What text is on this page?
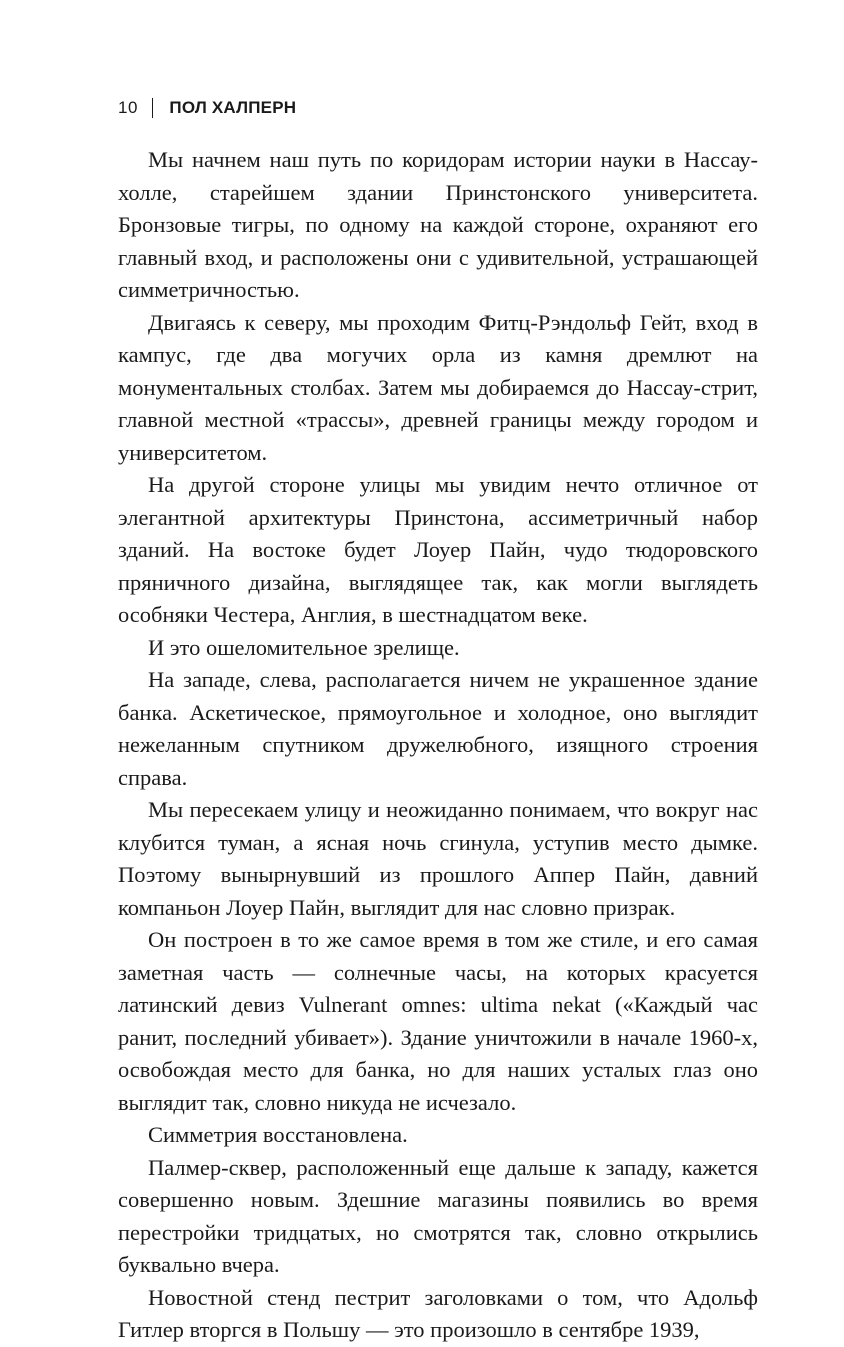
10 ПОЛ ХАЛПЕРН

Мы начнем наш путь по коридорам истории науки в Нассау-холле, старейшем здании Принстонского университета. Бронзовые тигры, по одному на каждой стороне, охраняют его главный вход, и расположены они с удивительной, устрашающей симметричностью.

Двигаясь к северу, мы проходим Фитц-Рэндольф Гейт, вход в кампус, где два могучих орла из камня дремлют на монументальных столбах. Затем мы добираемся до Нассау-стрит, главной местной «трассы», древней границы между городом и университетом.

На другой стороне улицы мы увидим нечто отличное от элегантной архитектуры Принстона, ассиметричный набор зданий. На востоке будет Лоуер Пайн, чудо тюдоровского пряничного дизайна, выглядящее так, как могли выглядеть особняки Честера, Англия, в шестнадцатом веке.

И это ошеломительное зрелище.

На западе, слева, располагается ничем не украшенное здание банка. Аскетическое, прямоугольное и холодное, оно выглядит нежеланным спутником дружелюбного, изящного строения справа.

Мы пересекаем улицу и неожиданно понимаем, что вокруг нас клубится туман, а ясная ночь сгинула, уступив место дымке. Поэтому вынырнувший из прошлого Аппер Пайн, давний компаньон Лоуер Пайн, выглядит для нас словно призрак.

Он построен в то же самое время в том же стиле, и его самая заметная часть — солнечные часы, на которых красуется латинский девиз Vulnerant omnes: ultima nekat («Каждый час ранит, последний убивает»). Здание уничтожили в начале 1960-х, освобождая место для банка, но для наших усталых глаз оно выглядит так, словно никуда не исчезало.

Симметрия восстановлена.

Палмер-сквер, расположенный еще дальше к западу, кажется совершенно новым. Здешние магазины появились во время перестройки тридцатых, но смотрятся так, словно открылись буквально вчера.

Новостной стенд пестрит заголовками о том, что Адольф Гитлер вторгся в Польшу — это произошло в сентябре 1939,
